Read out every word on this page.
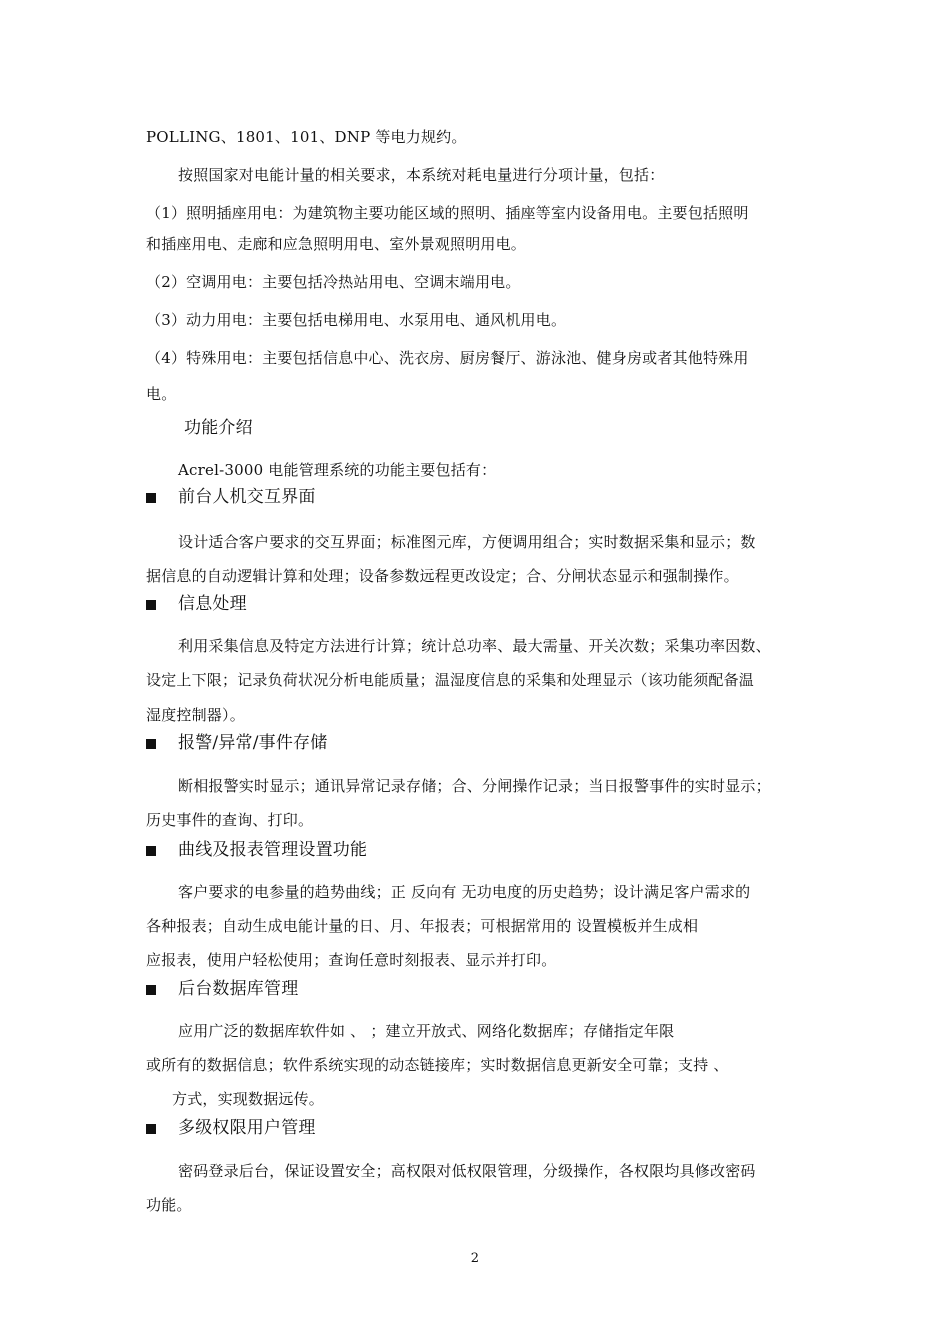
POLLING、1801、101、DNP 等电力规约。
按照国家对电能计量的相关要求，本系统对耗电量进行分项计量，包括：
（1）照明插座用电：为建筑物主要功能区域的照明、插座等室内设备用电。主要包括照明
和插座用电、走廊和应急照明用电、室外景观照明用电。
（2）空调用电：主要包括冷热站用电、空调末端用电。
（3）动力用电：主要包括电梯用电、水泵用电、通风机用电。
（4）特殊用电：主要包括信息中心、洗衣房、厨房餐厅、游泳池、健身房或者其他特殊用
电。
功能介绍
Acrel-3000 电能管理系统的功能主要包括有：
前台人机交互界面
设计适合客户要求的交互界面；标准图元库，方便调用组合；实时数据采集和显示；数
据信息的自动逻辑计算和处理；设备参数远程更改设定；合、分闸状态显示和强制操作。
信息处理
利用采集信息及特定方法进行计算；统计总功率、最大需量、开关次数；采集功率因数、
设定上下限；记录负荷状况分析电能质量；温湿度信息的采集和处理显示（该功能须配备温
湿度控制器）。
报警/异常/事件存储
断相报警实时显示；通讯异常记录存储；合、分闸操作记录；当日报警事件的实时显示；
历史事件的查询、打印。
曲线及报表管理设置功能
客户要求的电参量的趋势曲线；正 反向有 无功电度的历史趋势；设计满足客户需求的
各种报表；自动生成电能计量的日、月、年报表；可根据常用的 设置模板并生成相
应报表，使用户轻松使用；查询任意时刻报表、显示并打印。
后台数据库管理
应用广泛的数据库软件如 、 ；建立开放式、网络化数据库；存储指定年限
或所有的数据信息；软件系统实现的动态链接库；实时数据信息更新安全可靠；支持 、
方式，实现数据远传。
多级权限用户管理
密码登录后台，保证设置安全；高权限对低权限管理，分级操作，各权限均具修改密码
功能。
2
